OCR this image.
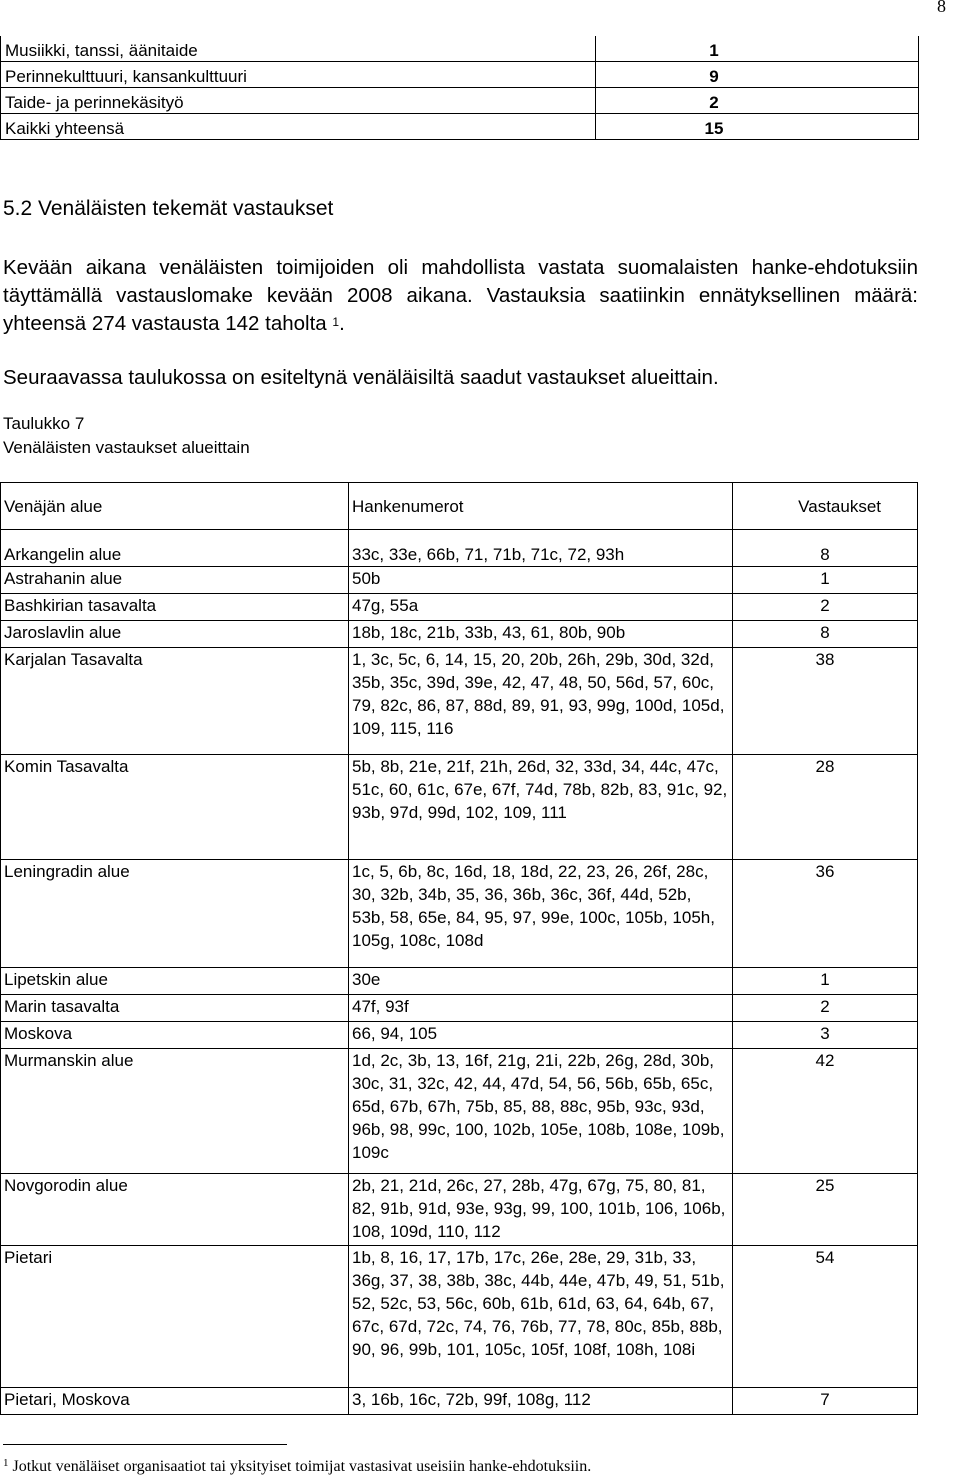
8
Musiikki, tanssi, äänitaide	1
Perinnekulttuuri, kansankulttuuri	9
Taide- ja perinnekäsityö	2
Kaikki yhteensä	15
5.2 Venäläisten tekemät vastaukset
Kevään aikana venäläisten toimijoiden oli mahdollista vastata suomalaisten hanke-ehdotuksiin täyttämällä vastauslomake kevään 2008 aikana. Vastauksia saatiinkin ennätyksellinen määrä: yhteensä 274 vastausta 142 taholta $^1$.
Seuraavassa taulukossa on esiteltynä venäläisiltä saadut vastaukset alueittain.
Taulukko 7
Venäläisten vastaukset alueittain
Venäjän alue	Hankenumerot	Vastaukset
Arkangelin alue	33c, 33e, 66b, 71, 71b, 71c, 72, 93h	8
Astrahanin alue	50b	1
Bashkirian tasavalta	47g, 55a	2
Jaroslavlin alue	18b, 18c, 21b, 33b, 43, 61, 80b, 90b	8
Karjalan Tasavalta	1, 3c, 5c, 6, 14, 15, 20, 20b, 26h, 29b, 30d, 32d, 35b, 35c, 39d, 39e, 42, 47, 48, 50, 56d, 57, 60c, 79, 82c, 86, 87, 88d, 89, 91, 93, 99g, 100d, 105d, 109, 115, 116	38
Komin Tasavalta	5b, 8b, 21e, 21f, 21h, 26d, 32, 33d, 34, 44c, 47c, 51c, 60, 61c, 67e, 67f, 74d, 78b, 82b, 83, 91c, 92, 93b, 97d, 99d, 102, 109, 111	28
Leningradin alue	1c, 5, 6b, 8c, 16d, 18, 18d, 22, 23, 26, 26f, 28c, 30, 32b, 34b, 35, 36, 36b, 36c, 36f, 44d, 52b, 53b, 58, 65e, 84, 95, 97, 99e, 100c, 105b, 105h, 105g, 108c, 108d	36
Lipetskin alue	30e	1
Marin tasavalta	47f, 93f	2
Moskova	66, 94, 105	3
Murmanskin alue	1d, 2c, 3b, 13, 16f, 21g, 21i, 22b, 26g, 28d, 30b, 30c, 31, 32c, 42, 44, 47d, 54, 56, 56b, 65b, 65c, 65d, 67b, 67h, 75b, 85, 88, 88c, 95b, 93c, 93d, 96b, 98, 99c, 100, 102b, 105e, 108b, 108e, 109b, 109c	42
Novgorodin alue	2b, 21, 21d, 26c, 27, 28b, 47g, 67g, 75, 80, 81, 82, 91b, 91d, 93e, 93g, 99, 100, 101b, 106, 106b, 108, 109d, 110, 112	25
Pietari	1b, 8, 16, 17, 17b, 17c, 26e, 28e, 29, 31b, 33, 36g, 37, 38, 38b, 38c, 44b, 44e, 47b, 49, 51, 51b, 52, 52c, 53, 56c, 60b, 61b, 61d, 63, 64, 64b, 67, 67c, 67d, 72c, 74, 76, 76b, 77, 78, 80c, 85b, 88b, 90, 96, 99b, 101, 105c, 105f, 108f, 108h, 108i	54
Pietari, Moskova	3, 16b, 16c, 72b, 99f, 108g, 112	7
$^1$ Jotkut venäläiset organisaatiot tai yksityiset toimijat vastasivat useisiin hanke-ehdotuksiin.
